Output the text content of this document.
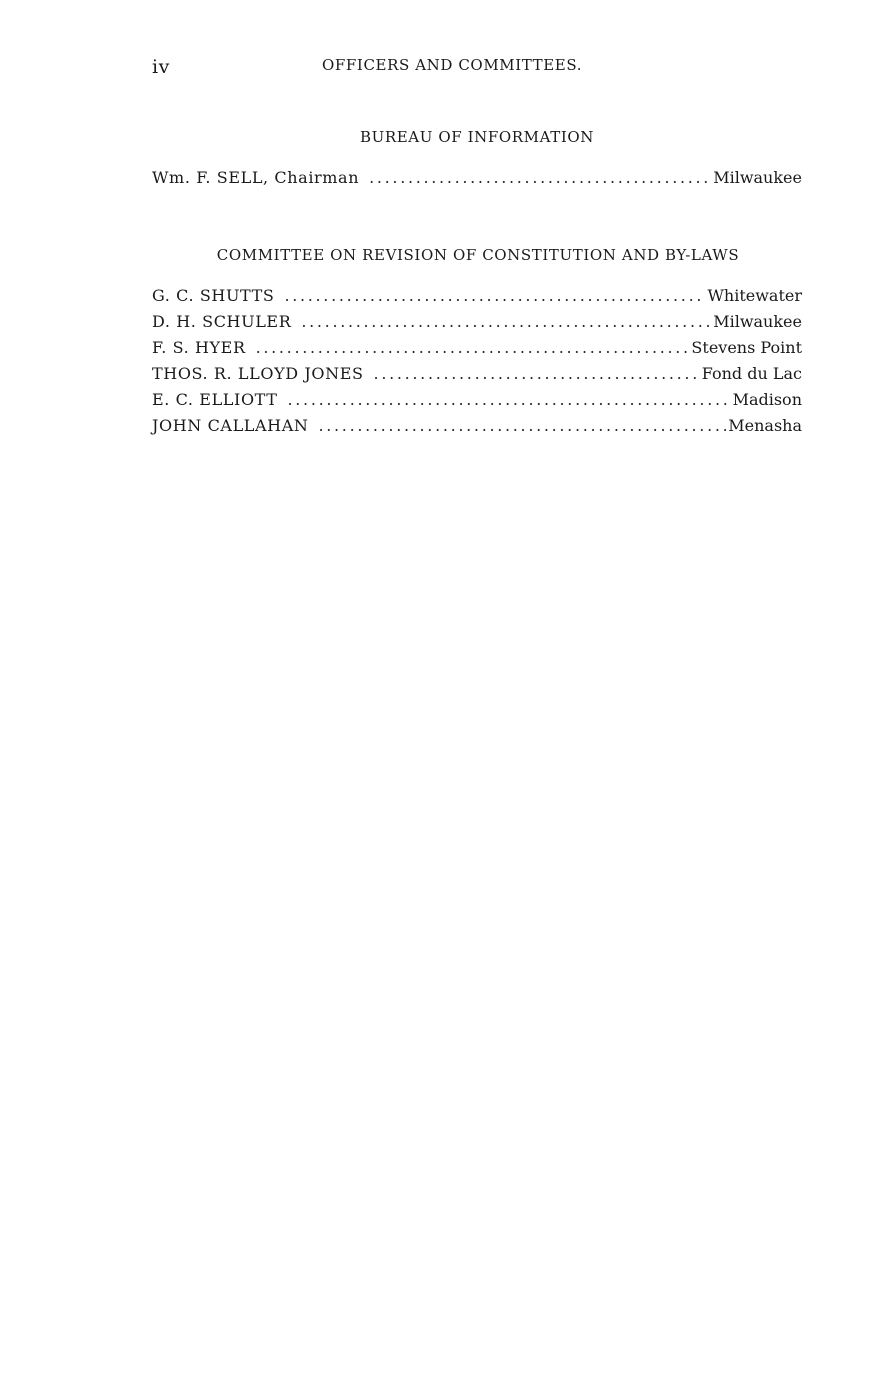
iv	OFFICERS AND COMMITTEES.
BUREAU OF INFORMATION
Wm. F. SELL, Chairman . . .	Milwaukee
COMMITTEE ON REVISION OF CONSTITUTION AND BY-LAWS
G. C. SHUTTS . . .	Whitewater
D. H. SCHULER . . .	Milwaukee
F. S. HYER . . .	Stevens Point
THOS. R. LLOYD JONES . . .	Fond du Lac
E. C. ELLIOTT . . .	Madison
JOHN CALLAHAN . . .	Menasha
